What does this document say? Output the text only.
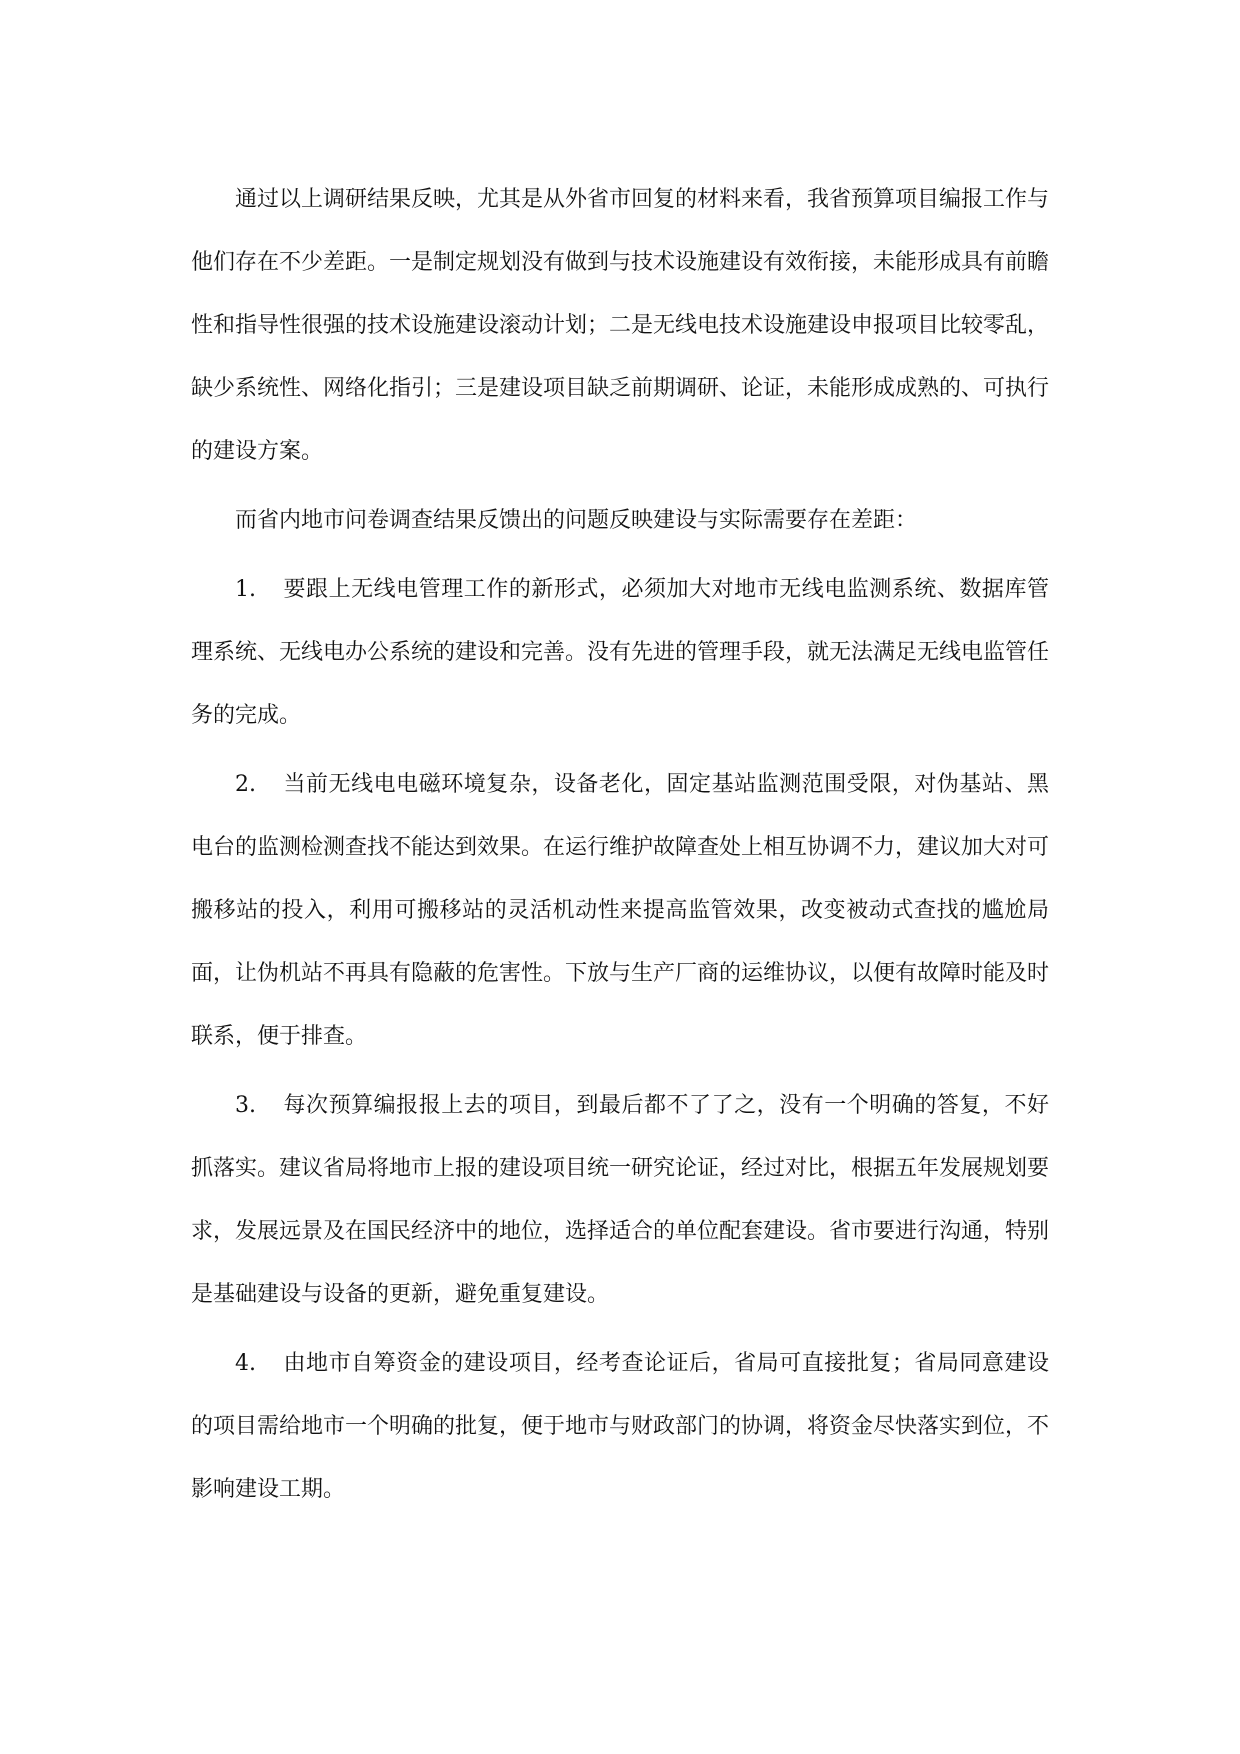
通过以上调研结果反映，尤其是从外省市回复的材料来看，我省预算项目编报工作与他们存在不少差距。一是制定规划没有做到与技术设施建设有效衔接，未能形成具有前瞻性和指导性很强的技术设施建设滚动计划；二是无线电技术设施建设申报项目比较零乱，缺少系统性、网络化指引；三是建设项目缺乏前期调研、论证，未能形成成熟的、可执行的建设方案。

而省内地市问卷调查结果反馈出的问题反映建设与实际需要存在差距：

1. 要跟上无线电管理工作的新形式，必须加大对地市无线电监测系统、数据库管理系统、无线电办公系统的建设和完善。没有先进的管理手段，就无法满足无线电监管任务的完成。

2. 当前无线电电磁环境复杂，设备老化，固定基站监测范围受限，对伪基站、黑电台的监测检测查找不能达到效果。在运行维护故障查处上相互协调不力，建议加大对可搬移站的投入，利用可搬移站的灵活机动性来提高监管效果，改变被动式查找的尴尬局面，让伪机站不再具有隐蔽的危害性。下放与生产厂商的运维协议，以便有故障时能及时联系，便于排查。

3. 每次预算编报报上去的项目，到最后都不了了之，没有一个明确的答复，不好抓落实。建议省局将地市上报的建设项目统一研究论证，经过对比，根据五年发展规划要求，发展远景及在国民经济中的地位，选择适合的单位配套建设。省市要进行沟通，特别是基础建设与设备的更新，避免重复建设。

4. 由地市自筹资金的建设项目，经考查论证后，省局可直接批复；省局同意建设的项目需给地市一个明确的批复，便于地市与财政部门的协调，将资金尽快落实到位，不影响建设工期。
